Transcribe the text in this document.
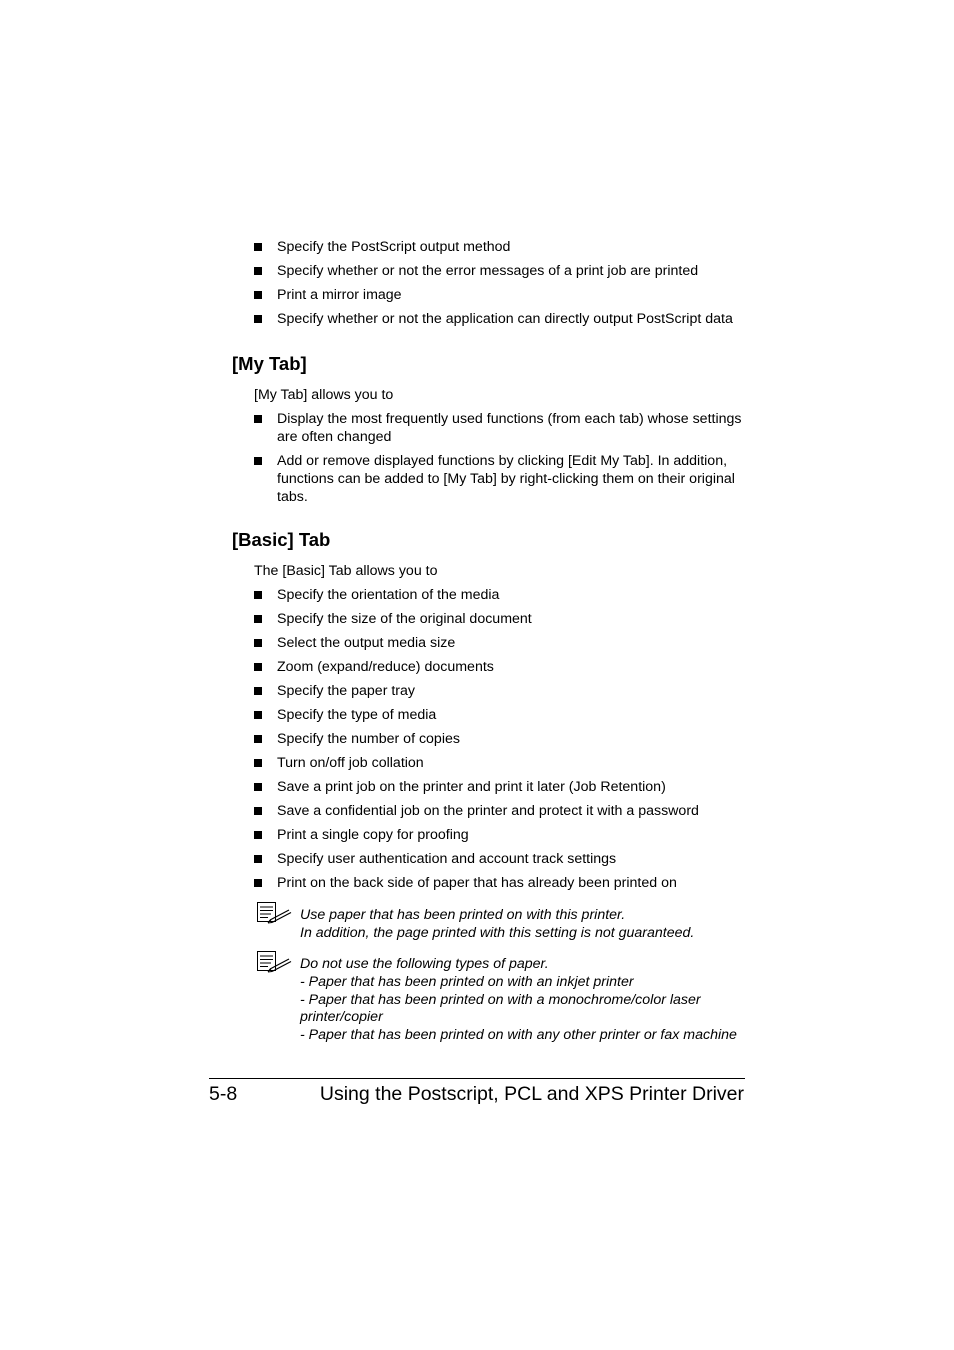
Specify the PostScript output method
Specify whether or not the error messages of a print job are printed
Print a mirror image
Specify whether or not the application can directly output PostScript data
[My Tab]
[My Tab] allows you to
Display the most frequently used functions (from each tab) whose settings
are often changed
Add or remove displayed functions by clicking [Edit My Tab]. In addition,
functions can be added to [My Tab] by right-clicking them on their original
tabs.
[Basic] Tab
The [Basic] Tab allows you to
Specify the orientation of the media
Specify the size of the original document
Select the output media size
Zoom (expand/reduce) documents
Specify the paper tray
Specify the type of media
Specify the number of copies
Turn on/off job collation
Save a print job on the printer and print it later (Job Retention)
Save a confidential job on the printer and protect it with a password
Print a single copy for proofing
Specify user authentication and account track settings
Print on the back side of paper that has already been printed on
Use paper that has been printed on with this printer.
In addition, the page printed with this setting is not guaranteed.
Do not use the following types of paper.
- Paper that has been printed on with an inkjet printer
- Paper that has been printed on with a monochrome/color laser
printer/copier
- Paper that has been printed on with any other printer or fax machine
5-8	Using the Postscript, PCL and XPS Printer Driver
